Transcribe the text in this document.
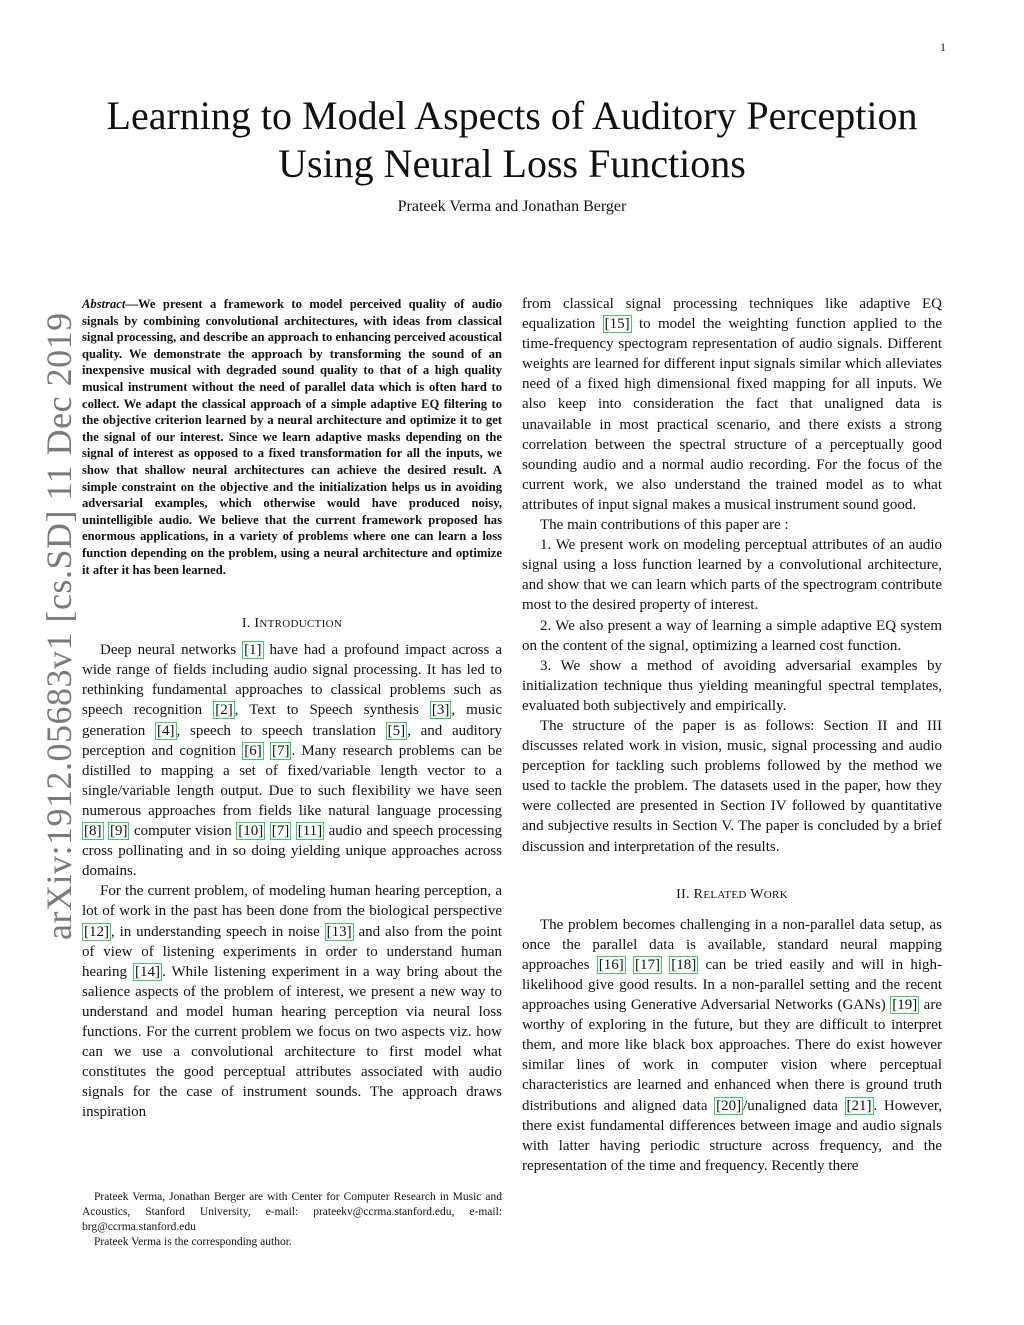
1
arXiv:1912.05683v1 [cs.SD] 11 Dec 2019
Learning to Model Aspects of Auditory Perception
Using Neural Loss Functions
Prateek Verma and Jonathan Berger

Abstract—We present a framework to model perceived quality of audio signals by combining convolutional architectures, with ideas from classical signal processing, and describe an approach to enhancing perceived acoustical quality. We demonstrate the approach by transforming the sound of an inexpensive musical with degraded sound quality to that of a high quality musical instrument without the need of parallel data which is often hard to collect. We adapt the classical approach of a simple adaptive EQ filtering to the objective criterion learned by a neural architecture and optimize it to get the signal of our interest. Since we learn adaptive masks depending on the signal of interest as opposed to a fixed transformation for all the inputs, we show that shallow neural architectures can achieve the desired result. A simple constraint on the objective and the initialization helps us in avoiding adversarial examples, which otherwise would have produced noisy, unintelligible audio. We believe that the current framework proposed has enormous applications, in a variety of problems where one can learn a loss function depending on the problem, using a neural architecture and optimize it after it has been learned.

I. INTRODUCTION

Deep neural networks [1] have had a profound impact across a wide range of fields including audio signal processing. It has led to rethinking fundamental approaches to classical problems such as speech recognition [2] , Text to Speech synthesis [3] , music generation [4] , speech to speech translation [5] , and auditory perception and cognition [6] [7] . Many research problems can be distilled to mapping a set of fixed/variable length vector to a single/variable length output. Due to such flexibility we have seen numerous approaches from fields like natural language processing [8] [9] computer vision [10] [7] [11] audio and speech processing cross pollinating and in so doing yielding unique approaches across domains.

For the current problem, of modeling human hearing perception, a lot of work in the past has been done from the biological perspective [12] , in understanding speech in noise [13] and also from the point of view of listening experiments in order to understand human hearing [14] . While listening experiment in a way bring about the salience aspects of the problem of interest, we present a new way to understand and model human hearing perception via neural loss functions. For the current problem we focus on two aspects viz. how can we use a convolutional architecture to first model what constitutes the good perceptual attributes associated with audio signals for the case of instrument sounds. The approach draws inspiration

Prateek Verma, Jonathan Berger are with Center for Computer Research in Music and Acoustics, Stanford University, e-mail: prateekv@ccrma.stanford.edu, e-mail: brg@ccrma.stanford.edu

Prateek Verma is the corresponding author.

from classical signal processing techniques like adaptive EQ equalization [15] to model the weighting function applied to the time-frequency spectogram representation of audio signals. Different weights are learned for different input signals similar which alleviates need of a fixed high dimensional fixed mapping for all inputs. We also keep into consideration the fact that unaligned data is unavailable in most practical scenario, and there exists a strong correlation between the spectral structure of a perceptually good sounding audio and a normal audio recording. For the focus of the current work, we also understand the trained model as to what attributes of input signal makes a musical instrument sound good.

The main contributions of this paper are :

1. We present work on modeling perceptual attributes of an audio signal using a loss function learned by a convolutional architecture, and show that we can learn which parts of the spectrogram contribute most to the desired property of interest.

2. We also present a way of learning a simple adaptive EQ system on the content of the signal, optimizing a learned cost function.

3. We show a method of avoiding adversarial examples by initialization technique thus yielding meaningful spectral templates, evaluated both subjectively and empirically.

The structure of the paper is as follows: Section II and III discusses related work in vision, music, signal processing and audio perception for tackling such problems followed by the method we used to tackle the problem. The datasets used in the paper, how they were collected are presented in Section IV followed by quantitative and subjective results in Section V. The paper is concluded by a brief discussion and interpretation of the results.

II. RELATED WORK

The problem becomes challenging in a non-parallel data setup, as once the parallel data is available, standard neural mapping approaches [16] [17] [18] can be tried easily and will in high-likelihood give good results. In a non-parallel setting and the recent approaches using Generative Adversarial Networks (GANs) [19] are worthy of exploring in the future, but they are difficult to interpret them, and more like black box approaches. There do exist however similar lines of work in computer vision where perceptual characteristics are learned and enhanced when there is ground truth distributions and aligned data [20] /unaligned data [21] . However, there exist fundamental differences between image and audio signals with latter having periodic structure across frequency, and the representation of the time and frequency. Recently there
